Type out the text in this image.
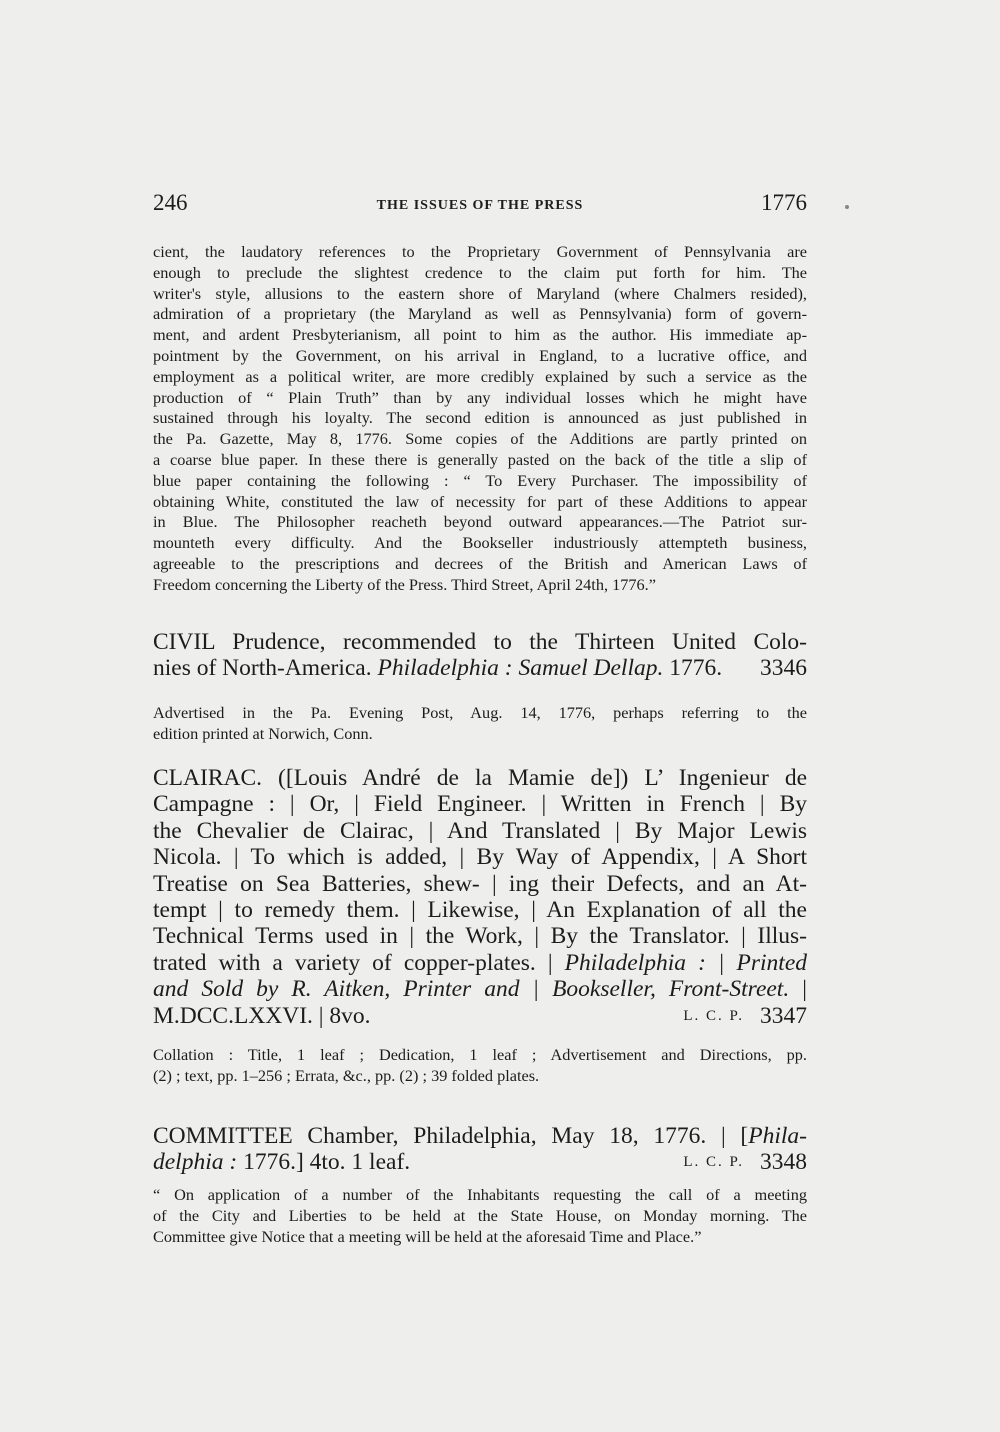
246	THE ISSUES OF THE PRESS	1776
cient, the laudatory references to the Proprietary Government of Pennsylvania are
enough to preclude the slightest credence to the claim put forth for him. The
writer's style, allusions to the eastern shore of Maryland (where Chalmers resided),
admiration of a proprietary (the Maryland as well as Pennsylvania) form of govern-
ment, and ardent Presbyterianism, all point to him as the author. His immediate ap-
pointment by the Government, on his arrival in England, to a lucrative office, and
employment as a political writer, are more credibly explained by such a service as the
production of “ Plain Truth” than by any individual losses which he might have
sustained through his loyalty. The second edition is announced as just published in
the Pa. Gazette, May 8, 1776. Some copies of the Additions are partly printed on
a coarse blue paper. In these there is generally pasted on the back of the title a slip of
blue paper containing the following : “ To Every Purchaser. The impossibility of
obtaining White, constituted the law of necessity for part of these Additions to appear
in Blue. The Philosopher reacheth beyond outward appearances.—The Patriot sur-
mounteth every difficulty. And the Bookseller industriously attempteth business,
agreeable to the prescriptions and decrees of the British and American Laws of
Freedom concerning the Liberty of the Press. Third Street, April 24th, 1776.”
CIVIL Prudence, recommended to the Thirteen United Colo-
3346
nies of North-America. Philadelphia : Samuel Dellap. 1776.
Advertised in the Pa. Evening Post, Aug. 14, 1776, perhaps referring to the
edition printed at Norwich, Conn.
CLAIRAC. ([Louis André de la Mamie de]) L’ Ingenieur de
Campagne : | Or, | Field Engineer. | Written in French | By
the Chevalier de Clairac, | And Translated | By Major Lewis
Nicola. | To which is added, | By Way of Appendix, | A Short
Treatise on Sea Batteries, shew- | ing their Defects, and an At-
tempt | to remedy them. | Likewise, | An Explanation of all the
Technical Terms used in | the Work, | By the Translator. | Illus-
trated with a variety of copper-plates. | Philadelphia : | Printed
and Sold by R. Aitken, Printer and | Bookseller, Front-Street. |
3347
L. C. P.
M.DCC.LXXVI. | 8vo.
Collation : Title, 1 leaf ; Dedication, 1 leaf ; Advertisement and Directions, pp.
(2) ; text, pp. 1–256 ; Errata, &c., pp. (2) ; 39 folded plates.
COMMITTEE Chamber, Philadelphia, May 18, 1776. | [Phila-
3348
L. C. P.
delphia : 1776.] 4to. 1 leaf.
“ On application of a number of the Inhabitants requesting the call of a meeting
of the City and Liberties to be held at the State House, on Monday morning. The
Committee give Notice that a meeting will be held at the aforesaid Time and Place.”
